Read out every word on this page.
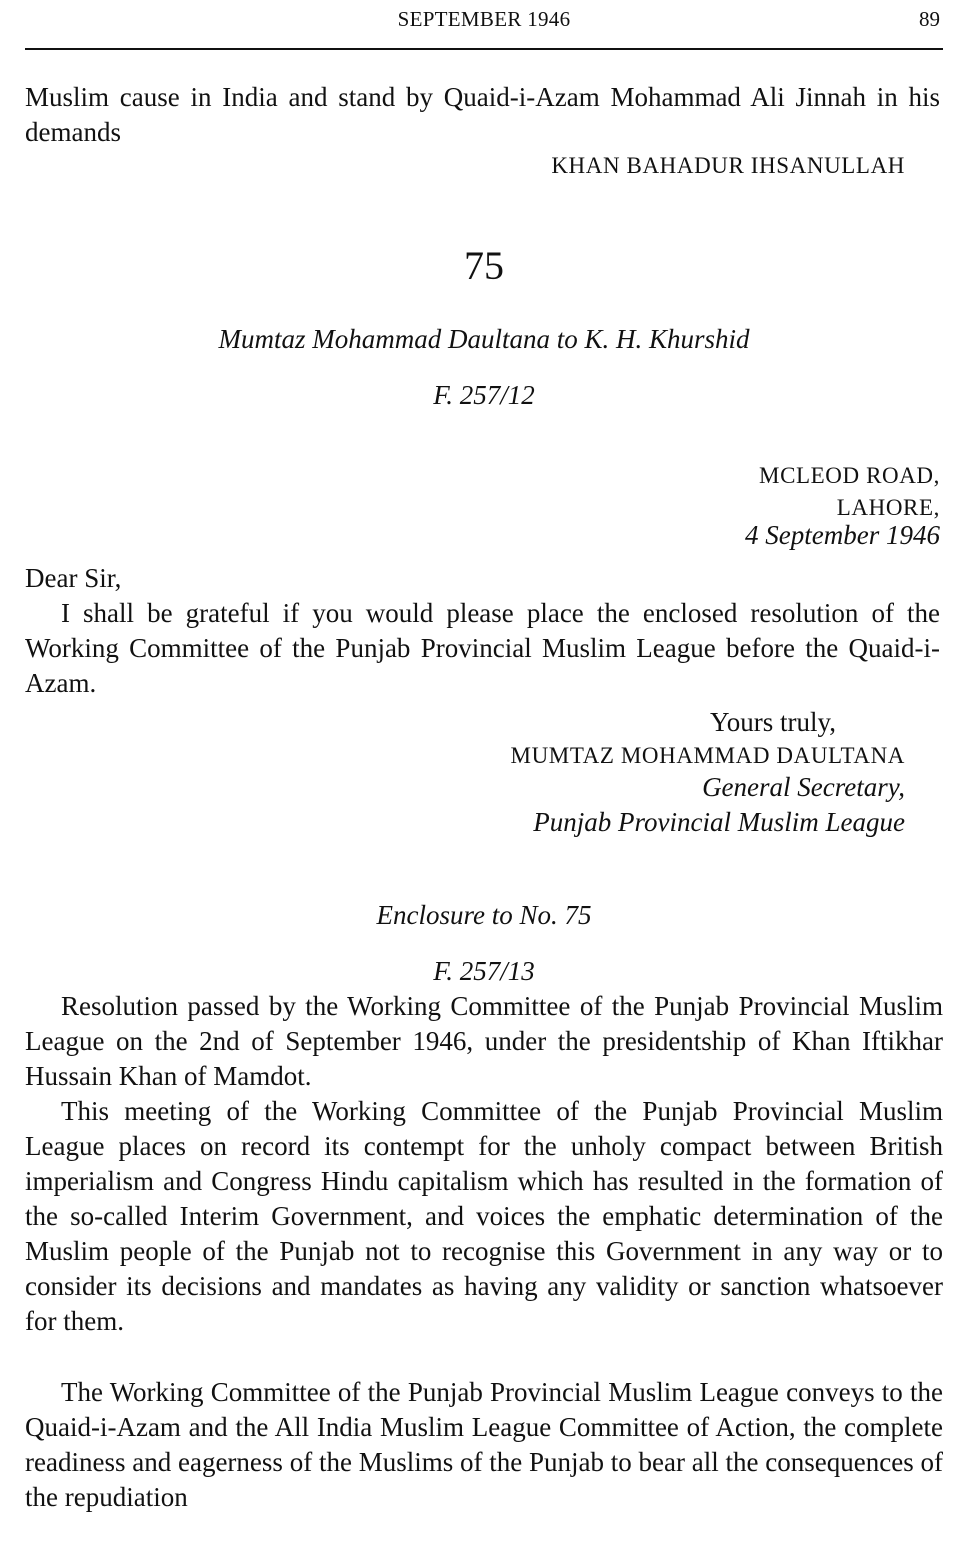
SEPTEMBER 1946	89

Muslim cause in India and stand by Quaid-i-Azam Mohammad Ali Jinnah in his demands

KHAN BAHADUR IHSANULLAH

75

Mumtaz Mohammad Daultana to K. H. Khurshid

F. 257/12

MCLEOD ROAD,

LAHORE,

4 September 1946

Dear Sir,

I shall be grateful if you would please place the enclosed resolution of the Working Committee of the Punjab Provincial Muslim League before the Quaid-i-Azam.

Yours truly,

MUMTAZ MOHAMMAD DAULTANA

General Secretary,

Punjab Provincial Muslim League

Enclosure to No. 75

F. 257/13

Resolution passed by the Working Committee of the Punjab Provincial Muslim League on the 2nd of September 1946, under the presidentship of Khan Iftikhar Hussain Khan of Mamdot.

This meeting of the Working Committee of the Punjab Provincial Muslim League places on record its contempt for the unholy compact between British imperialism and Congress Hindu capitalism which has resulted in the formation of the so-called Interim Government, and voices the emphatic determination of the Muslim people of the Punjab not to recognise this Government in any way or to consider its decisions and mandates as having any validity or sanction whatsoever for them.

The Working Committee of the Punjab Provincial Muslim League conveys to the Quaid-i-Azam and the All India Muslim League Committee of Action, the complete readiness and eagerness of the Muslims of the Punjab to bear all the consequences of the repudiation
